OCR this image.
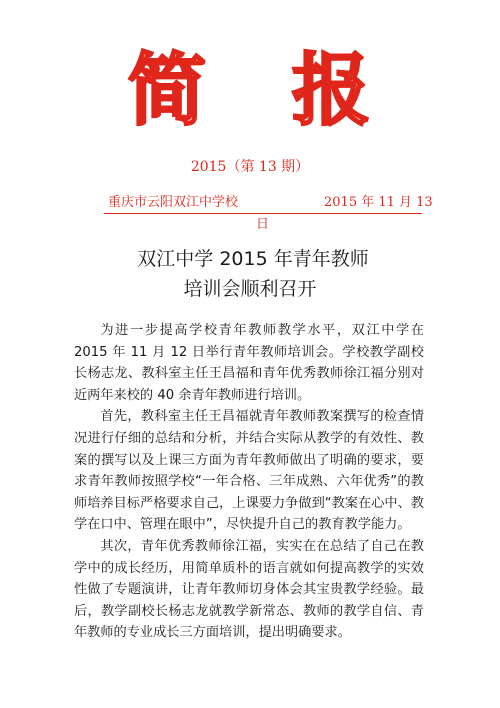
简 报
2015（第 13 期）
重庆市云阳双江中学校	2015 年 11 月 13
日
双江中学 2015 年青年教师
培训会顺利召开

为进一步提高学校青年教师教学水平，双江中学在 2015 年 11 月 12 日举行青年教师培训会。学校教学副校长杨志龙、教科室主任王昌福和青年优秀教师徐江福分别对近两年来校的 40 余青年教师进行培训。

首先，教科室主任王昌福就青年教师教案撰写的检查情况进行仔细的总结和分析，并结合实际从教学的有效性、教案的撰写以及上课三方面为青年教师做出了明确的要求，要求青年教师按照学校“一年合格、三年成熟、六年优秀”的教师培养目标严格要求自己，上课要力争做到“教案在心中、教学在口中、管理在眼中”，尽快提升自己的教育教学能力。

其次，青年优秀教师徐江福，实实在在总结了自己在教学中的成长经历，用简单质朴的语言就如何提高教学的实效性做了专题演讲，让青年教师切身体会其宝贵教学经验。最后，教学副校长杨志龙就教学新常态、教师的教学自信、青年教师的专业成长三方面培训，提出明确要求。
